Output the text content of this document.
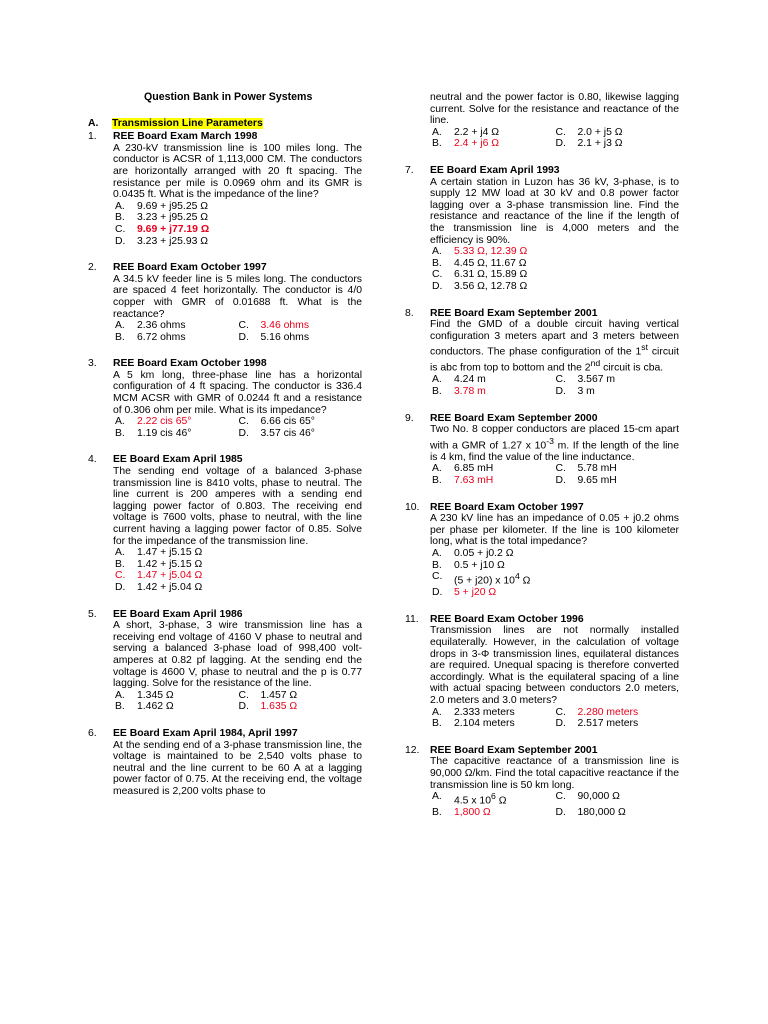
Question Bank in Power Systems
A. Transmission Line Parameters
1. REE Board Exam March 1998
A 230-kV transmission line is 100 miles long. The conductor is ACSR of 1,113,000 CM. The conductors are horizontally arranged with 20 ft spacing. The resistance per mile is 0.0969 ohm and its GMR is 0.0435 ft. What is the impedance of the line?
A.	9.69 + j95.25 Ω
B.	3.23 + j95.25 Ω
C.	9.69 + j77.19 Ω
D.	3.23 + j25.93 Ω
2. REE Board Exam October 1997
A 34.5 kV feeder line is 5 miles long. The conductors are spaced 4 feet horizontally. The conductor is 4/0 copper with GMR of 0.01688 ft. What is the reactance?
A.	2.36 ohms	C.	3.46 ohms
B.	6.72 ohms	D.	5.16 ohms
3. REE Board Exam October 1998
A 5 km long, three-phase line has a horizontal configuration of 4 ft spacing. The conductor is 336.4 MCM ACSR with GMR of 0.0244 ft and a resistance of 0.306 ohm per mile. What is its impedance?
A.	2.22 cis 65°	C.	6.66 cis 65°
B.	1.19 cis 46°	D.	3.57 cis 46°
4. EE Board Exam April 1985
The sending end voltage of a balanced 3-phase transmission line is 8410 volts, phase to neutral. The line current is 200 amperes with a sending end lagging power factor of 0.803. The receiving end voltage is 7600 volts, phase to neutral, with the line current having a lagging power factor of 0.85. Solve for the impedance of the transmission line.
A.	1.47 + j5.15 Ω
B.	1.42 + j5.15 Ω
C.	1.47 + j5.04 Ω
D.	1.42 + j5.04 Ω
5. EE Board Exam April 1986
A short, 3-phase, 3 wire transmission line has a receiving end voltage of 4160 V phase to neutral and serving a balanced 3-phase load of 998,400 volt-amperes at 0.82 pf lagging. At the sending end the voltage is 4600 V, phase to neutral and the p is 0.77 lagging. Solve for the resistance of the line.
A.	1.345 Ω	C.	1.457 Ω
B.	1.462 Ω	D.	1.635 Ω
6. EE Board Exam April 1984, April 1997
At the sending end of a 3-phase transmission line, the voltage is maintained to be 2,540 volts phase to neutral and the line current to be 60 A at a lagging power factor of 0.75. At the receiving end, the voltage measured is 2,200 volts phase to
neutral and the power factor is 0.80, likewise lagging current. Solve for the resistance and reactance of the line.
A.	2.2 + j4 Ω	C.	2.0 + j5 Ω
B.	2.4 + j6 Ω	D.	2.1 + j3 Ω
7. EE Board Exam April 1993
A certain station in Luzon has 36 kV, 3-phase, is to supply 12 MW load at 30 kV and 0.8 power factor lagging over a 3-phase transmission line. Find the resistance and reactance of the line if the length of the transmission line is 4,000 meters and the efficiency is 90%.
A.	5.33 Ω, 12.39 Ω
B.	4.45 Ω, 11.67 Ω
C.	6.31 Ω, 15.89 Ω
D.	3.56 Ω, 12.78 Ω
8. REE Board Exam September 2001
Find the GMD of a double circuit having vertical configuration 3 meters apart and 3 meters between conductors. The phase configuration of the 1st circuit is abc from top to bottom and the 2nd circuit is cba.
A.	4.24 m	C.	3.567 m
B.	3.78 m	D.	3 m
9. REE Board Exam September 2000
Two No. 8 copper conductors are placed 15-cm apart with a GMR of 1.27 x $10^{-3}$ m. If the length of the line is 4 km, find the value of the line inductance.
A.	6.85 mH	C.	5.78 mH
B.	7.63 mH	D.	9.65 mH
10. REE Board Exam October 1997
A 230 kV line has an impedance of 0.05 + j0.2 ohms per phase per kilometer. If the line is 100 kilometer long, what is the total impedance?
A.	0.05 + j0.2 Ω
B.	0.5 + j10 Ω
C.	(5 + j20) x $10^4$ Ω
D.	5 + j20 Ω
11. REE Board Exam October 1996
Transmission lines are not normally installed equilaterally. However, in the calculation of voltage drops in 3-Φ transmission lines, equilateral distances are required. Unequal spacing is therefore converted accordingly. What is the equilateral spacing of a line with actual spacing between conductors 2.0 meters, 2.0 meters and 3.0 meters?
A.	2.333 meters	C.	2.280 meters
B.	2.104 meters	D.	2.517 meters
12. REE Board Exam September 2001
The capacitive reactance of a transmission line is 90,000 Ω/km. Find the total capacitive reactance if the transmission line is 50 km long.
A.	4.5 x $10^6$ Ω	C.	90,000 Ω
B.	1,800 Ω	D.	180,000 Ω
